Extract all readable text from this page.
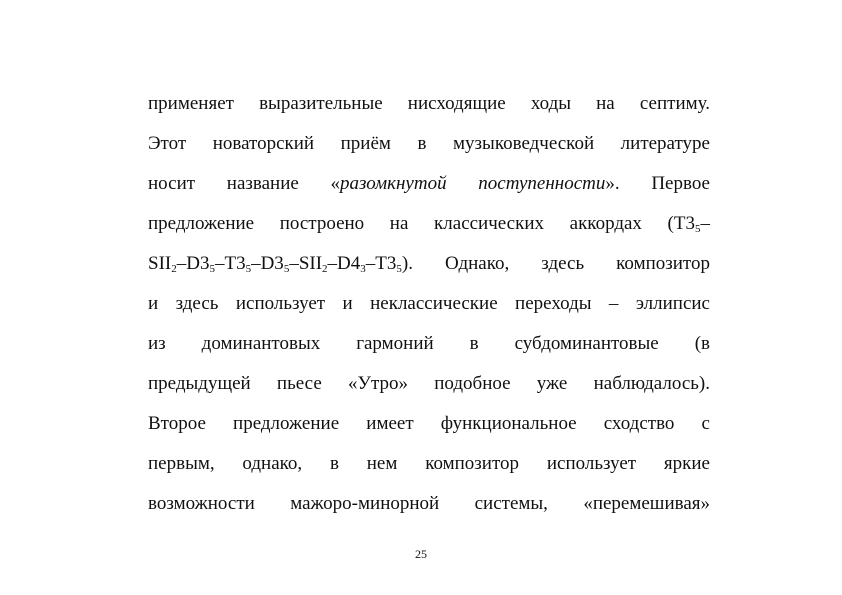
применяет выразительные нисходящие ходы на септиму.
Этот новаторский приём в музыковедческой литературе
носит название «разомкнутой поступенности». Первое
предложение построено на классических аккордах ($Т3_5-$
$SII_2-D3_5-T3_5-D3_5-SII_2-D4_3-T3_5$). Однако, здесь композитор
и здесь использует и неклассические переходы – эллипсис
из доминантовых гармоний в субдоминантовые (в
предыдущей пьесе «Утро» подобное уже наблюдалось).
Второе предложение имеет функциональное сходство с
первым, однако, в нем композитор использует яркие
возможности мажоро-минорной системы, «перемешивая»
25
